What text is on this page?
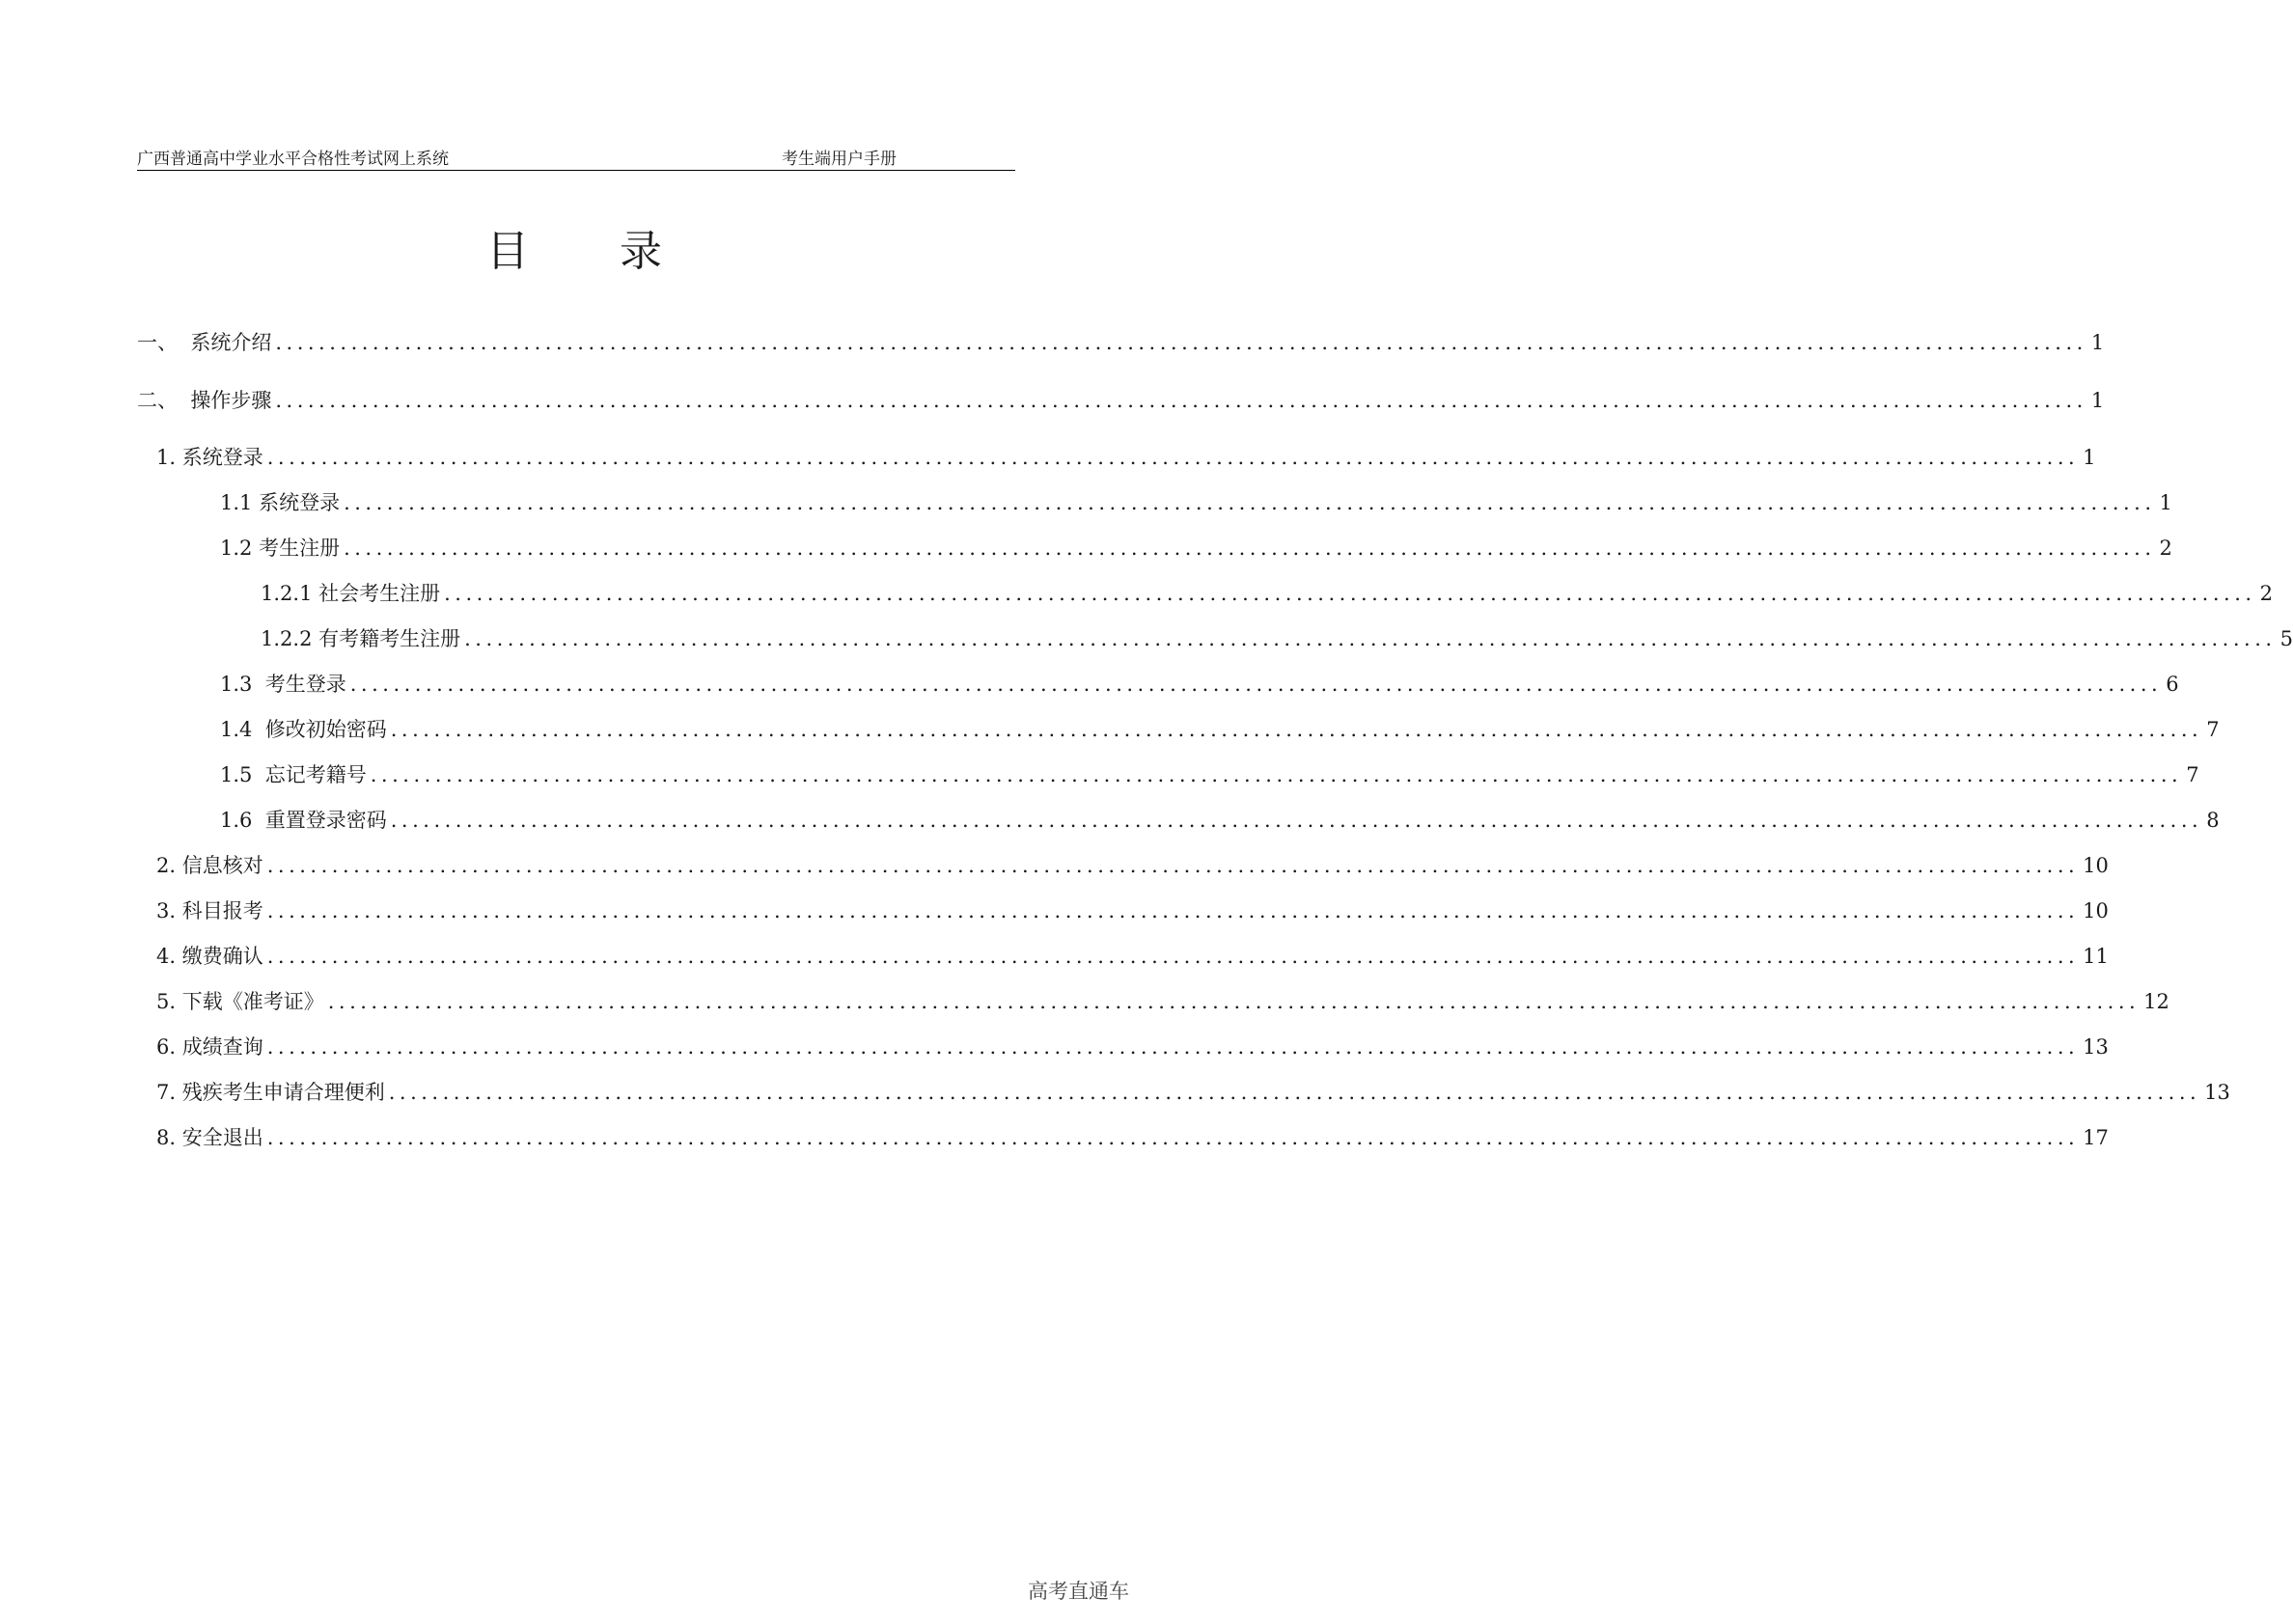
广西普通高中学业水平合格性考试网上系统	考生端用户手册
目 录
一、 系统介绍 ........................................................................................................................................................................ 1
二、 操作步骤 ........................................................................................................................................................................ 1
1. 系统登录 ........................................................................................................................................................................ 1
1.1 系统登录 ........................................................................................................................................................................ 1
1.2 考生注册 ........................................................................................................................................................................ 2
1.2.1 社会考生注册 ........................................................................................................................................................................ 2
1.2.2 有考籍考生注册 ........................................................................................................................................................................ 5
1.3 考生登录 ........................................................................................................................................................................ 6
1.4 修改初始密码 ........................................................................................................................................................................ 7
1.5 忘记考籍号 ........................................................................................................................................................................ 7
1.6 重置登录密码 ........................................................................................................................................................................ 8
2. 信息核对 ........................................................................................................................................................................ 10
3. 科目报考 ........................................................................................................................................................................ 10
4. 缴费确认 ........................................................................................................................................................................ 11
5. 下载《准考证》 ........................................................................................................................................................................ 12
6. 成绩查询 ........................................................................................................................................................................ 13
7. 残疾考生申请合理便利 ........................................................................................................................................................................ 13
8. 安全退出 ........................................................................................................................................................................ 17
高考直通车
